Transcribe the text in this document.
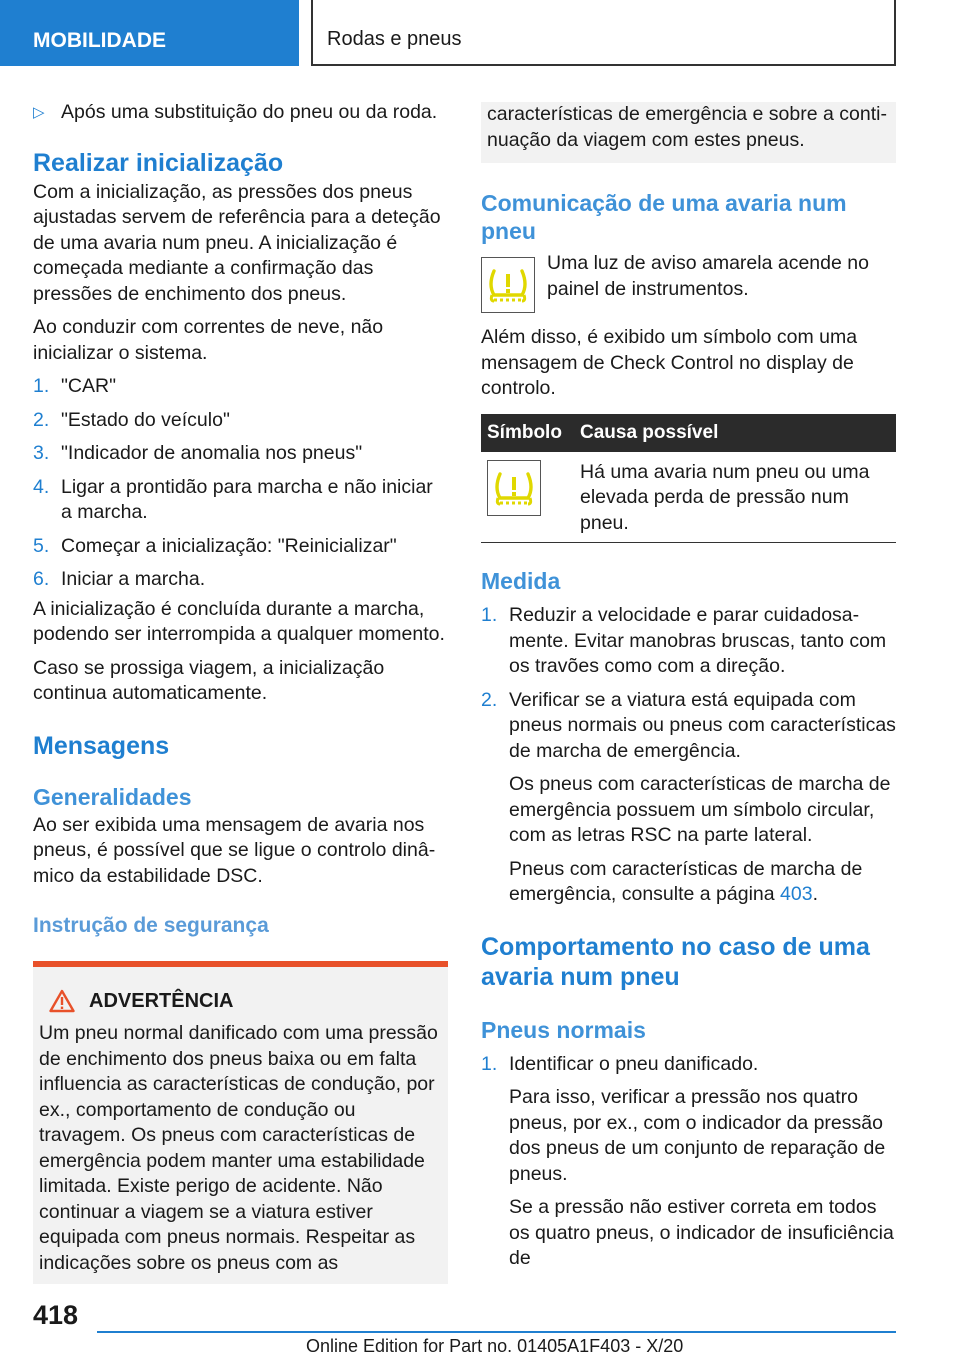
MOBILIDADE	Rodas e pneus
▷ Após uma substituição do pneu ou da roda.
Realizar inicialização

Com a inicialização, as pressões dos pneus ajustadas servem de referência para a deteção de uma avaria num pneu. A inicialização é começada mediante a confirmação das pressões de enchimento dos pneus.

Ao conduzir com correntes de neve, não inicializar o sistema.

1. "CAR"
2. "Estado do veículo"
3. "Indicador de anomalia nos pneus"
4. Ligar a prontidão para marcha e não iniciar a marcha.
5. Começar a inicialização: "Reinicializar"
6. Iniciar a marcha.

A inicialização é concluída durante a marcha, podendo ser interrompida a qualquer momento.

Caso se prossiga viagem, a inicialização continua automaticamente.

Mensagens
Generalidades

Ao ser exibida uma mensagem de avaria nos pneus, é possível que se ligue o controlo dinâmico da estabilidade DSC.

Instrução de segurança
ADVERTÊNCIA

Um pneu normal danificado com uma pressão de enchimento dos pneus baixa ou em falta influencia as características de condução, por ex., comportamento de condução ou travagem. Os pneus com características de emergência podem manter uma estabilidade limitada. Existe perigo de acidente. Não continuar a viagem se a viatura estiver equipada com pneus normais. Respeitar as indicações sobre os pneus com as

características de emergência e sobre a continuação da viagem com estes pneus.

Comunicação de uma avaria num pneu

Uma luz de aviso amarela acende no painel de instrumentos.

Além disso, é exibido um símbolo com uma mensagem de Check Control no display de controlo.

Símbolo	Causa possível

	Há uma avaria num pneu ou uma elevada perda de pressão num pneu.
Medida
1. Reduzir a velocidade e parar cuidadosamente. Evitar manobras bruscas, tanto com os travões como com a direção.
2. Verificar se a viatura está equipada com pneus normais ou pneus com características de marcha de emergência.
Os pneus com características de marcha de emergência possuem um símbolo circular, com as letras RSC na parte lateral.
Pneus com características de marcha de emergência, consulte a página 403.
Comportamento no caso de uma avaria num pneu
Pneus normais
1. Identificar o pneu danificado.
Para isso, verificar a pressão nos quatro pneus, por ex., com o indicador da pressão dos pneus de um conjunto de reparação de pneus.
Se a pressão não estiver correta em todos os quatro pneus, o indicador de insuficiência de
418
Online Edition for Part no. 01405A1F403 - X/20
